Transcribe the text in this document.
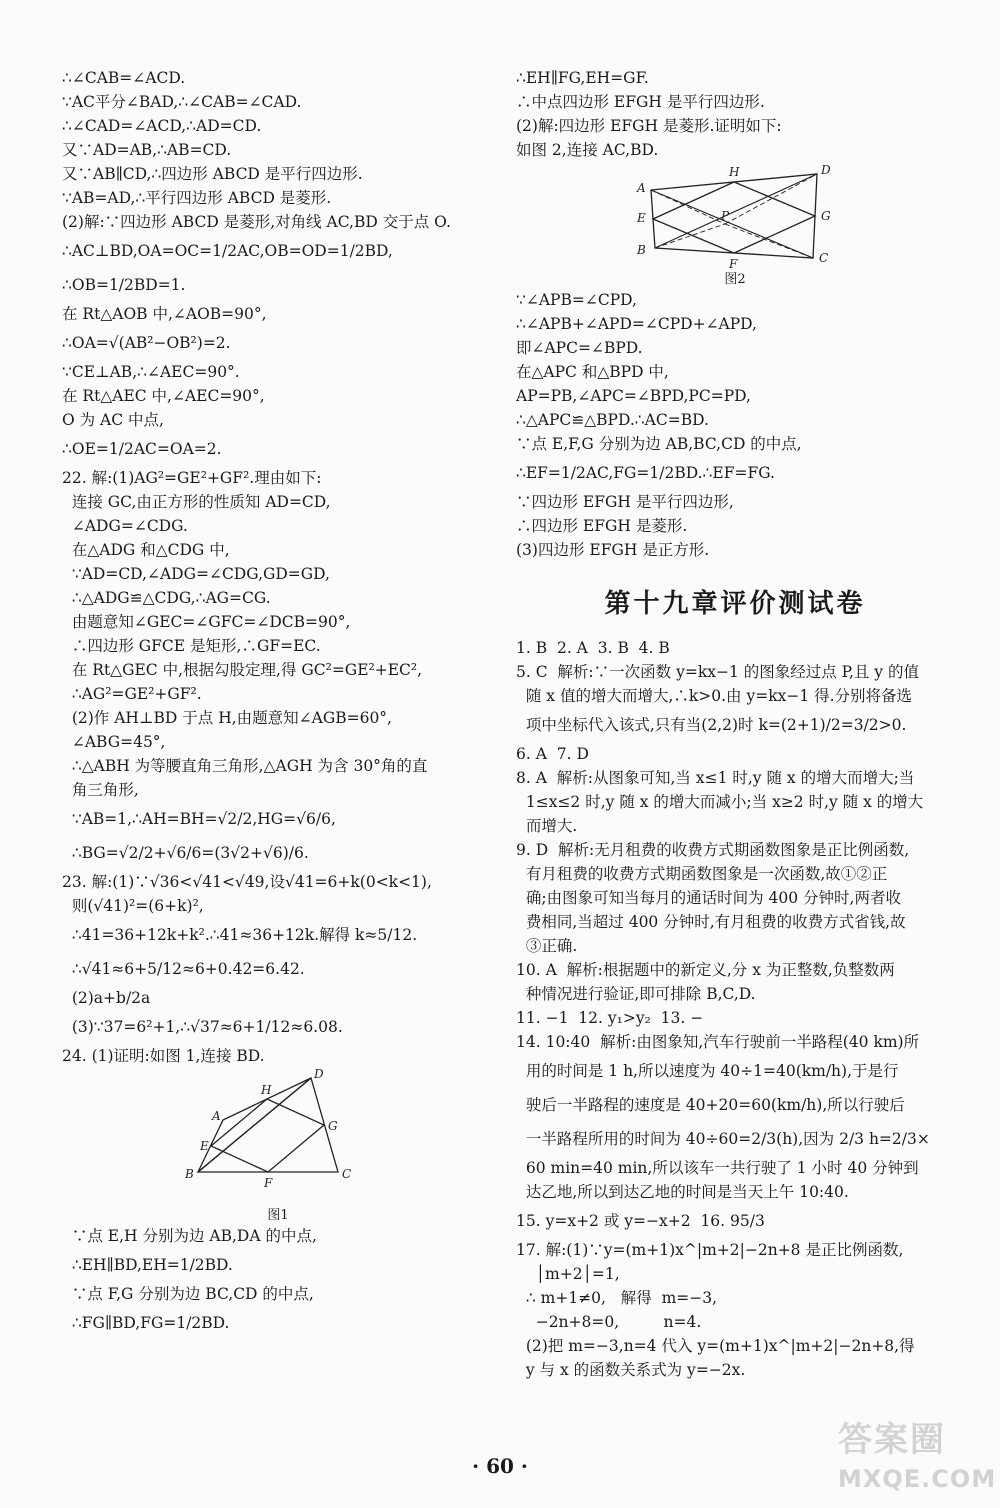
∴∠CAB=∠ACD.
∵AC平分∠BAD,∴∠CAB=∠CAD.
∴∠CAD=∠ACD,∴AD=CD.
又∵AD=AB,∴AB=CD.
又∵AB∥CD,∴四边形 ABCD 是平行四边形.
∵AB=AD,∴平行四边形 ABCD 是菱形.
(2)解:∵四边形 ABCD 是菱形,对角线 AC,BD 交于点 O.
∴AC⊥BD,OA=OC=1/2AC,OB=OD=1/2BD,
∴OB=1/2BD=1.
在 Rt△AOB 中,∠AOB=90°,
∴OA=√(AB²−OB²)=2.
∵CE⊥AB,∴∠AEC=90°.
在 Rt△AEC 中,∠AEC=90°,
O 为 AC 中点,
∴OE=1/2AC=OA=2.
22. 解:(1)AG²=GE²+GF².理由如下:
连接 GC,由正方形的性质知 AD=CD,
∠ADG=∠CDG.
在△ADG 和△CDG 中,
∵AD=CD,∠ADG=∠CDG,GD=GD,
∴△ADG≌△CDG,∴AG=CG.
由题意知∠GEC=∠GFC=∠DCB=90°,
∴四边形 GFCE 是矩形,∴GF=EC.
在 Rt△GEC 中,根据勾股定理,得 GC²=GE²+EC²,
∴AG²=GE²+GF².
(2)作 AH⊥BD 于点 H,由题意知∠AGB=60°,
∠ABG=45°,
∴△ABH 为等腰直角三角形,△AGH 为含 30°角的直
角三角形,
∵AB=1,∴AH=BH=√2/2,HG=√6/6,
∴BG=√2/2+√6/6=(3√2+√6)/6.
23. 解:(1)∵√36<√41<√49,设√41=6+k(0<k<1),
则(√41)²=(6+k)²,
∴41=36+12k+k².∴41≈36+12k.解得 k≈5/12.
∴√41≈6+5/12≈6+0.42=6.42.
(2)a+b/2a
(3)∵37=6²+1,∴√37≈6+1/12≈6.08.
24. (1)证明:如图 1,连接 BD.
H
D
A
G
E
B
F
C
图1
∵点 E,H 分别为边 AB,DA 的中点,
∴EH∥BD,EH=1/2BD.
∵点 F,G 分别为边 BC,CD 的中点,
∴FG∥BD,FG=1/2BD.
∴EH∥FG,EH=GF.
∴中点四边形 EFGH 是平行四边形.
(2)解:四边形 EFGH 是菱形.证明如下:
如图 2,连接 AC,BD.
H	D
A
G
E	P
B
F	C
图2
∵∠APB=∠CPD,
∴∠APB+∠APD=∠CPD+∠APD,
即∠APC=∠BPD.
在△APC 和△BPD 中,
AP=PB,∠APC=∠BPD,PC=PD,
∴△APC≌△BPD.∴AC=BD.
∵点 E,F,G 分别为边 AB,BC,CD 的中点,
∴EF=1/2AC,FG=1/2BD.∴EF=FG.
∵四边形 EFGH 是平行四边形,
∴四边形 EFGH 是菱形.
(3)四边形 EFGH 是正方形.
第十九章评价测试卷
1. B  2. A  3. B  4. B
5. C  解析:∵一次函数 y=kx−1 的图象经过点 P,且 y 的值
随 x 值的增大而增大,∴k>0.由 y=kx−1 得.分别将备选
项中坐标代入该式,只有当(2,2)时 k=(2+1)/2=3/2>0.
6. A  7. D
8. A  解析:从图象可知,当 x≤1 时,y 随 x 的增大而增大;当
1≤x≤2 时,y 随 x 的增大而减小;当 x≥2 时,y 随 x 的增大
而增大.
9. D  解析:无月租费的收费方式期函数图象是正比例函数,
有月租费的收费方式期函数图象是一次函数,故①②正
确;由图象可知当每月的通话时间为 400 分钟时,两者收
费相同,当超过 400 分钟时,有月租费的收费方式省钱,故
③正确.
10. A  解析:根据题中的新定义,分 x 为正整数,负整数两
种情况进行验证,即可排除 B,C,D.
11. −1  12. y₁>y₂  13. −
14. 10:40  解析:由图象知,汽车行驶前一半路程(40 km)所
用的时间是 1 h,所以速度为 40÷1=40(km/h),于是行
驶后一半路程的速度是 40+20=60(km/h),所以行驶后
一半路程所用的时间为 40÷60=2/3(h),因为 2/3 h=2/3×
60 min=40 min,所以该车一共行驶了 1 小时 40 分钟到
达乙地,所以到达乙地的时间是当天上午 10:40.
15. y=x+2 或 y=−x+2  16. 95/3
17. 解:(1)∵y=(m+1)x^|m+2|−2n+8 是正比例函数,
│m+2│=1,
∴ m+1≠0,   解得  m=−3,
−2n+8=0,         n=4.
(2)把 m=−3,n=4 代入 y=(m+1)x^|m+2|−2n+8,得
y 与 x 的函数关系式为 y=−2x.
· 60 ·
答案圈
MXQE.COM
